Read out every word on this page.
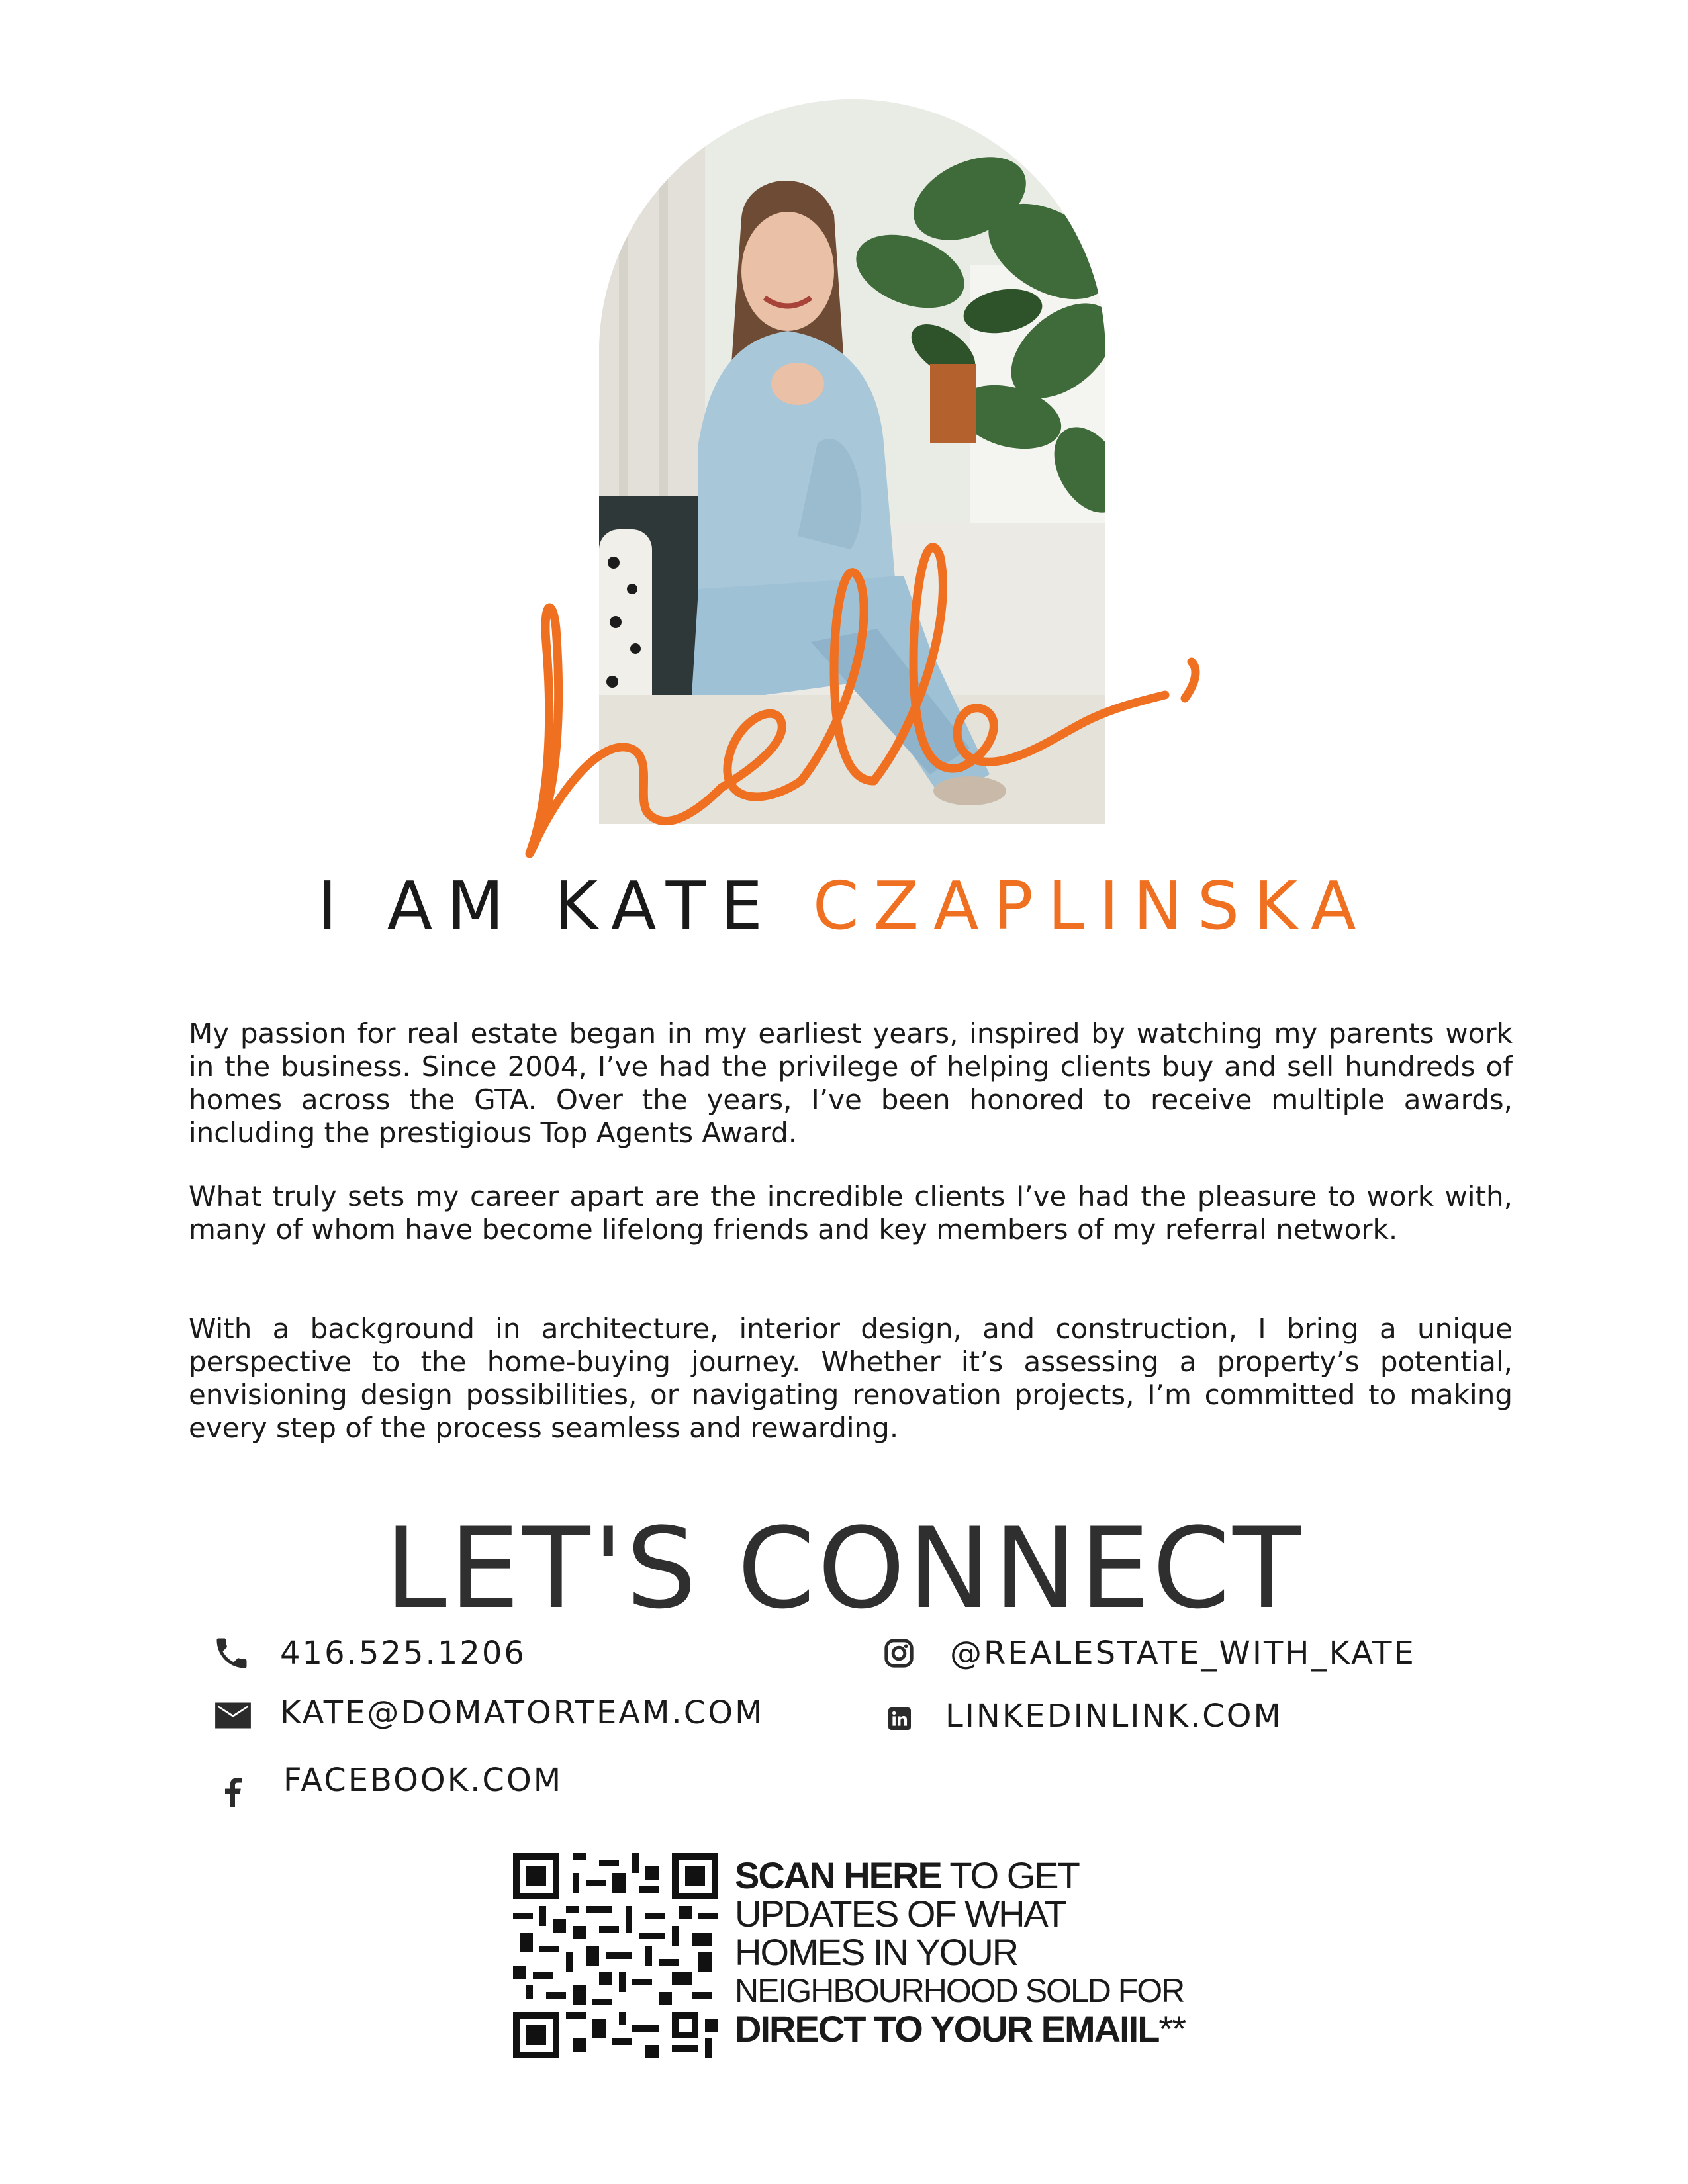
I AM KATE CZAPLINSKA
My passion for real estate began in my earliest years, inspired by watching my parents work in the business. Since 2004, I’ve had the privilege of helping clients buy and sell hundreds of homes across the GTA. Over the years, I’ve been honored to receive multiple awards, including the prestigious Top Agents Award.
What truly sets my career apart are the incredible clients I’ve had the pleasure to work with, many of whom have become lifelong friends and key members of my referral network.
With a background in architecture, interior design, and construction, I bring a unique perspective to the home-buying journey. Whether it’s assessing a property’s potential, envisioning design possibilities, or navigating renovation projects, I’m committed to making every step of the process seamless and rewarding.
LET'S CONNECT
416.525.1206
KATE@DOMATORTEAM.COM
FACEBOOK.COM
@REALESTATE_WITH_KATE
LINKEDINLINK.COM
SCAN HERE TO GET
UPDATES OF WHAT
HOMES IN YOUR
NEIGHBOURHOOD SOLD FOR
DIRECT TO YOUR EMAIIL**
